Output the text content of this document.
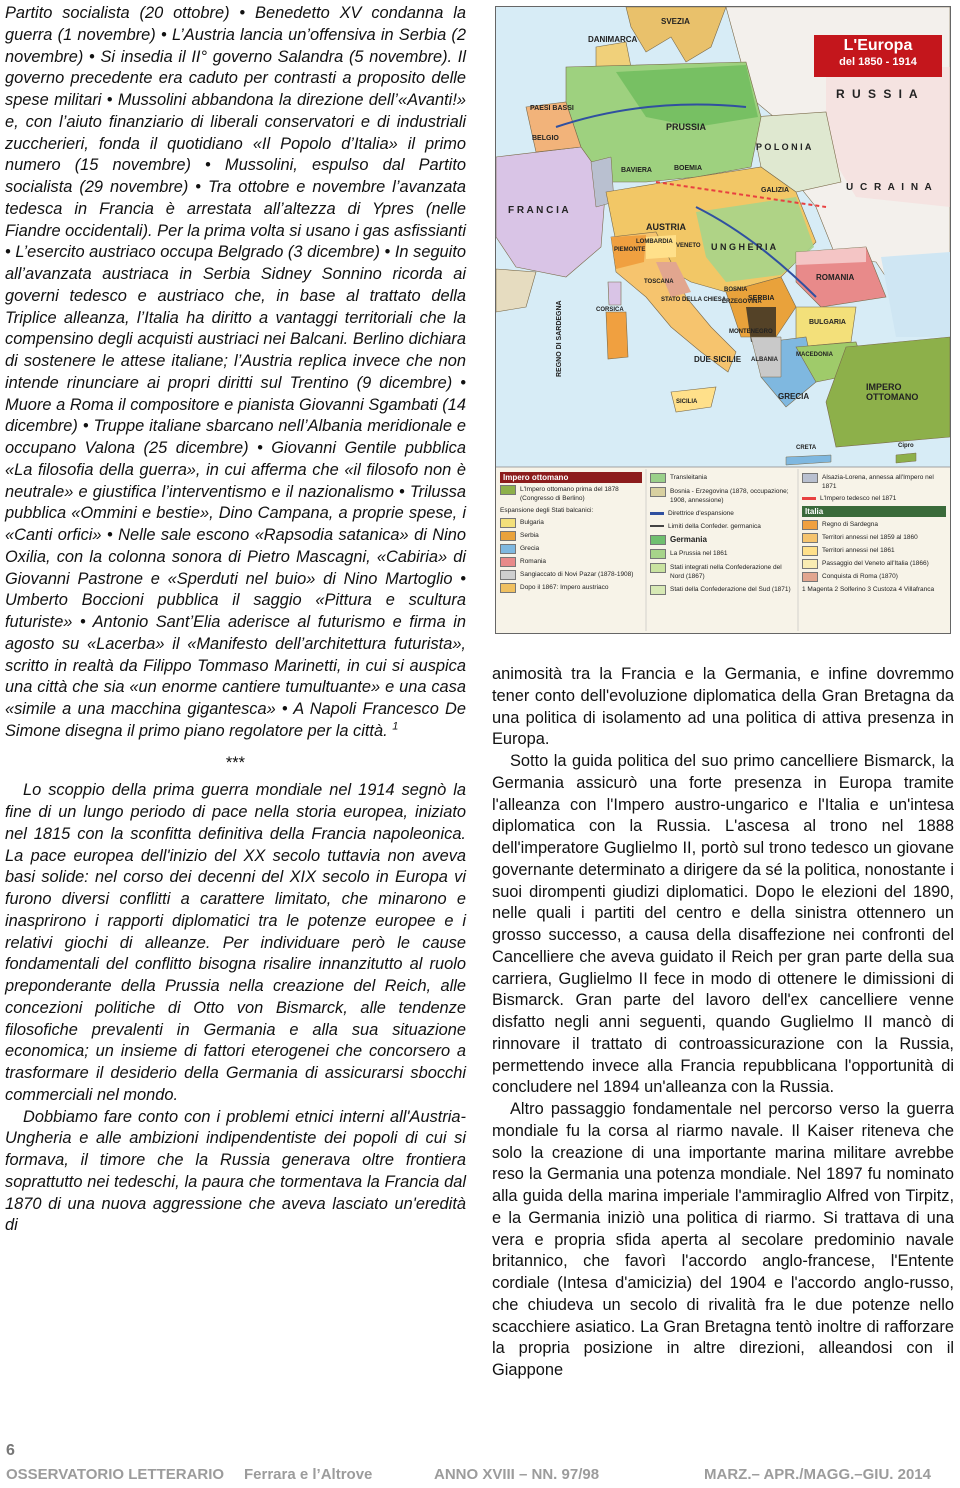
Partito socialista (20 ottobre) • Benedetto XV condanna la guerra (1 novembre) • L’Austria lancia un’offensiva in Serbia (2 novembre) • Si insedia il II° governo Salandra (5 novembre). Il governo precedente era caduto per contrasti a proposito delle spese militari • Mussolini abbandona la direzione dell’«Avanti!» e, con l’aiuto finanziario di liberali conservatori e di industriali zuccherieri, fonda il quotidiano «Il Popolo d’Italia» il primo numero (15 novembre) • Mussolini, espulso dal Partito socialista (29 novembre) • Tra ottobre e novembre l’avanzata tedesca in Francia è arrestata all’altezza di Ypres (nelle Fiandre occidentali). Per la prima volta si usano i gas asfissianti • L’esercito austriaco occupa Belgrado (3 dicembre) • In seguito all’avanzata austriaca in Serbia Sidney Sonnino ricorda ai governi tedesco e austriaco che, in base al trattato della Triplice alleanza, l’Italia ha diritto a vantaggi territoriali che la compensino degli acquisti austriaci nei Balcani. Berlino dichiara di sostenere le attese italiane; l’Austria replica invece che non intende rinunciare ai propri diritti sul Trentino (9 dicembre) • Muore a Roma il compositore e pianista Giovanni Sgambati (14 dicembre) • Truppe italiane sbarcano nell’Albania meridionale e occupano Valona (25 dicembre) • Giovanni Gentile pubblica «La filosofia della guerra», in cui afferma che «il filosofo non è neutrale» e giustifica l’interventismo e il nazionalismo • Trilussa pubblica «Ommini e bestie», Dino Campana, a proprie spese, i «Canti orfici» • Nelle sale escono «Rapsodia satanica» di Nino Oxilia, con la colonna sonora di Pietro Mascagni, «Cabiria» di Giovanni Pastrone e «Sperduti nel buio» di Nino Martoglio • Umberto Boccioni pubblica il saggio «Pittura e scultura futuriste» • Antonio Sant’Elia aderisce al futurismo e firma in agosto su «Lacerba» il «Manifesto dell’architettura futurista», scritto in realtà da Filippo Tommaso Marinetti, in cui si auspica una città che sia «un enorme cantiere tumultuante» e una casa «simile a una macchina gigantesca» • A Napoli Francesco De Simone disegna il primo piano regolatore per la città. $^1$

***

Lo scoppio della prima guerra mondiale nel 1914 segnò la fine di un lungo periodo di pace nella storia europea, iniziato nel 1815 con la sconfitta definitiva della Francia napoleonica. La pace europea dell'inizio del XX secolo tuttavia non aveva basi solide: nel corso dei decenni del XIX secolo in Europa vi furono diversi conflitti a carattere limitato, che minarono e inasprirono i rapporti diplomatici tra le potenze europee e i relativi giochi di alleanze. Per individuare però le cause fondamentali del conflitto bisogna risalire innanzitutto al ruolo preponderante della Prussia nella creazione del Reich, alle concezioni politiche di Otto von Bismarck, alle tendenze filosofiche prevalenti in Germania e alla sua situazione economica; un insieme di fattori eterogenei che concorsero a trasformare il desiderio della Germania di assicurarsi sbocchi commerciali nel mondo.

Dobbiamo fare conto con i problemi etnici interni all'Austria-Ungheria e alle ambizioni indipendentiste dei popoli di cui si formava, il timore che la Russia generava oltre frontiera soprattutto nei tedeschi, la paura che tormentava la Francia dal 1870 di una nuova aggressione che aveva lasciato un'eredità di

L'Europa
del 1850 - 1914
SVEZIA
DANIMARCA
R U S S I A
P O L O N I A
U C R A I N A
PAESI BASSI
BELGIO
F R A N C I A
PRUSSIA
BAVIERA	BOEMIA
AUSTRIA
U N G H E R I A
GALIZIA
ROMANIA
SERBIA
BULGARIA
PIEMONTE
LOMBARDIA
VENETO
TOSCANA
STATO DELLA CHIESA
DUE SICILIE
SICILIA
REGNO DI SARDEGNA	CORSICA
BOSNIA
ERZEGOVINA
MONTENEGRO
ALBANIA
MACEDONIA
GRECIA
IMPERO OTTOMANO
CRETA	Cipro
Impero ottomano
L'Impero ottomano prima del 1878 (Congresso di Berlino)
Espansione degli Stati balcanici:
Bulgaria
Serbia
Grecia
Romania
Sangiaccato di Novi Pazar (1878-1908)
Dopo il 1867: Impero austriaco
Transleitania
Bosnia - Erzegovina (1878, occupazione; 1908, annessione)
Direttrice d'espansione
Limiti della Confeder. germanica
Germania
La Prussia nel 1861
Stati integrati nella Confederazione del Nord (1867)
Stati della Confederazione del Sud (1871)
Alsazia-Lorena, annessa all'Impero nel 1871
L'Impero tedesco nel 1871
Italia
Regno di Sardegna
Territori annessi nel 1859 al 1860
Territori annessi nel 1861
Passaggio del Veneto all'Italia (1866)
Conquista di Roma (1870)
1 Magenta 2 Solferino 3 Custoza 4 Villafranca

animosità tra la Francia e la Germania, e infine dovremmo tener conto dell'evoluzione diplomatica della Gran Bretagna da una politica di isolamento ad una politica di attiva presenza in Europa.

Sotto la guida politica del suo primo cancelliere Bismarck, la Germania assicurò una forte presenza in Europa tramite l'alleanza con l'Impero austro-ungarico e l'Italia e un'intesa diplomatica con la Russia. L'ascesa al trono nel 1888 dell'imperatore Guglielmo II, portò sul trono tedesco un giovane governante determinato a dirigere da sé la politica, nonostante i suoi dirompenti giudizi diplomatici. Dopo le elezioni del 1890, nelle quali i partiti del centro e della sinistra ottennero un grosso successo, a causa della disaffezione nei confronti del Cancelliere che aveva guidato il Reich per gran parte della sua carriera, Guglielmo II fece in modo di ottenere le dimissioni di Bismarck. Gran parte del lavoro dell'ex cancelliere venne disfatto negli anni seguenti, quando Guglielmo II mancò di rinnovare il trattato di controassicurazione con la Russia, permettendo invece alla Francia repubblicana l'opportunità di concludere nel 1894 un'alleanza con la Russia.

Altro passaggio fondamentale nel percorso verso la guerra mondiale fu la corsa al riarmo navale. Il Kaiser riteneva che solo la creazione di una importante marina militare avrebbe reso la Germania una potenza mondiale. Nel 1897 fu nominato alla guida della marina imperiale l'ammiraglio Alfred von Tirpitz, e la Germania iniziò una politica di riarmo. Si trattava di una vera e propria sfida aperta al secolare predominio navale britannico, che favorì l'accordo anglo-francese, l'Entente cordiale (Intesa d'amicizia) del 1904 e l'accordo anglo-russo, che chiudeva un secolo di rivalità fra le due potenze nello scacchiere asiatico. La Gran Bretagna tentò inoltre di rafforzare la propria posizione in altre direzioni, alleandosi con il Giappone

6
OSSERVATORIO LETTERARIO Ferrara e l’Altrove	ANNO XVIII – NN. 97/98	MARZ.– APR./MAGG.–GIU. 2014
